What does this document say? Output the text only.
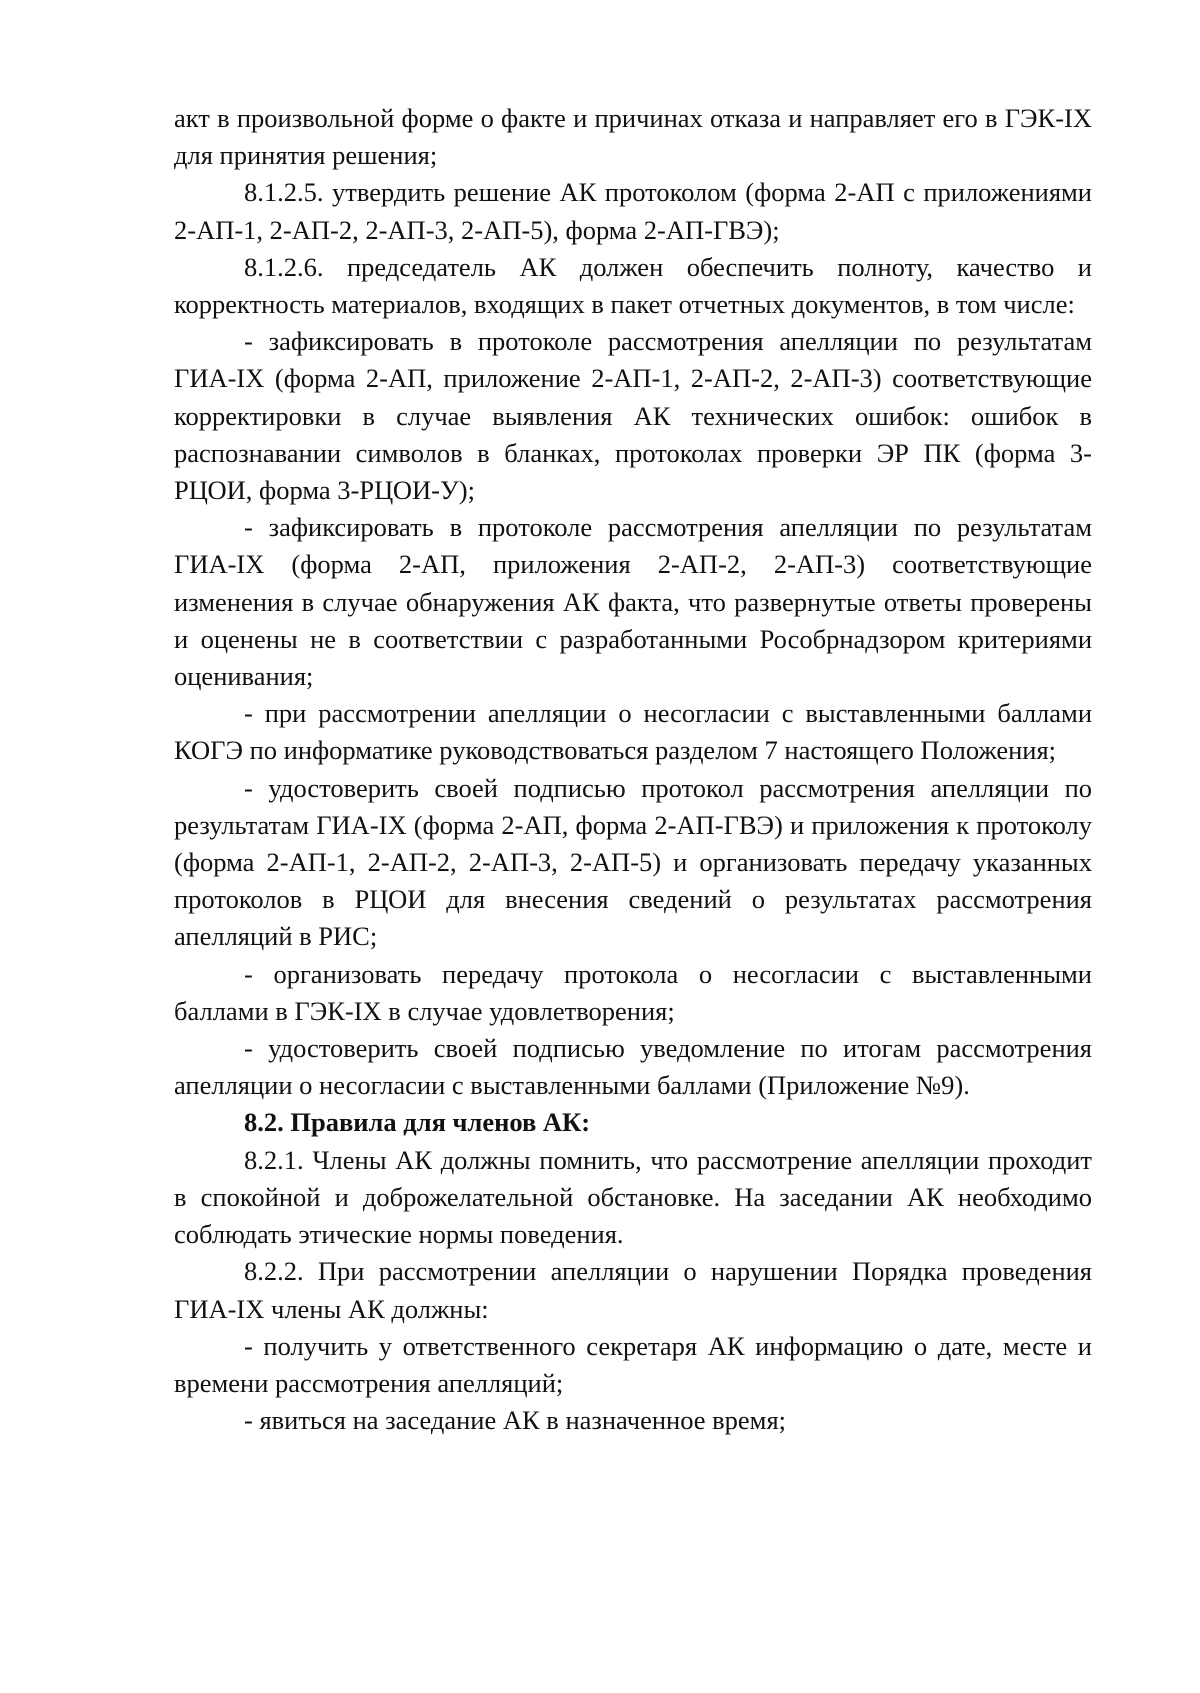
акт в произвольной форме о факте и причинах отказа и направляет его в ГЭК-IX для принятия решения;

8.1.2.5. утвердить решение АК протоколом (форма 2-АП с приложениями 2-АП-1, 2-АП-2, 2-АП-3, 2-АП-5), форма 2-АП-ГВЭ);

8.1.2.6. председатель АК должен обеспечить полноту, качество и корректность материалов, входящих в пакет отчетных документов, в том числе:

- зафиксировать в протоколе рассмотрения апелляции по результатам ГИА-IX (форма 2-АП, приложение 2-АП-1, 2-АП-2, 2-АП-3) соответствующие корректировки в случае выявления АК технических ошибок: ошибок в распознавании символов в бланках, протоколах проверки ЭР ПК (форма 3-РЦОИ, форма 3-РЦОИ-У);

- зафиксировать в протоколе рассмотрения апелляции по результатам ГИА-IX (форма 2-АП, приложения 2-АП-2, 2-АП-3) соответствующие изменения в случае обнаружения АК факта, что развернутые ответы проверены и оценены не в соответствии с разработанными Рособрнадзором критериями оценивания;

- при рассмотрении апелляции о несогласии с выставленными баллами КОГЭ по информатике руководствоваться разделом 7 настоящего Положения;

- удостоверить своей подписью протокол рассмотрения апелляции по результатам ГИА-IX (форма 2-АП, форма 2-АП-ГВЭ) и приложения к протоколу (форма 2-АП-1, 2-АП-2, 2-АП-3, 2-АП-5) и организовать передачу указанных протоколов в РЦОИ для внесения сведений о результатах рассмотрения апелляций в РИС;

- организовать передачу протокола о несогласии с выставленными баллами в ГЭК-IX в случае удовлетворения;

- удостоверить своей подписью уведомление по итогам рассмотрения апелляции о несогласии с выставленными баллами (Приложение №9).

8.2. Правила для членов АК:

8.2.1. Члены АК должны помнить, что рассмотрение апелляции проходит в спокойной и доброжелательной обстановке. На заседании АК необходимо соблюдать этические нормы поведения.

8.2.2. При рассмотрении апелляции о нарушении Порядка проведения ГИА-IX члены АК должны:

- получить у ответственного секретаря АК информацию о дате, месте и времени рассмотрения апелляций;

- явиться на заседание АК в назначенное время;
